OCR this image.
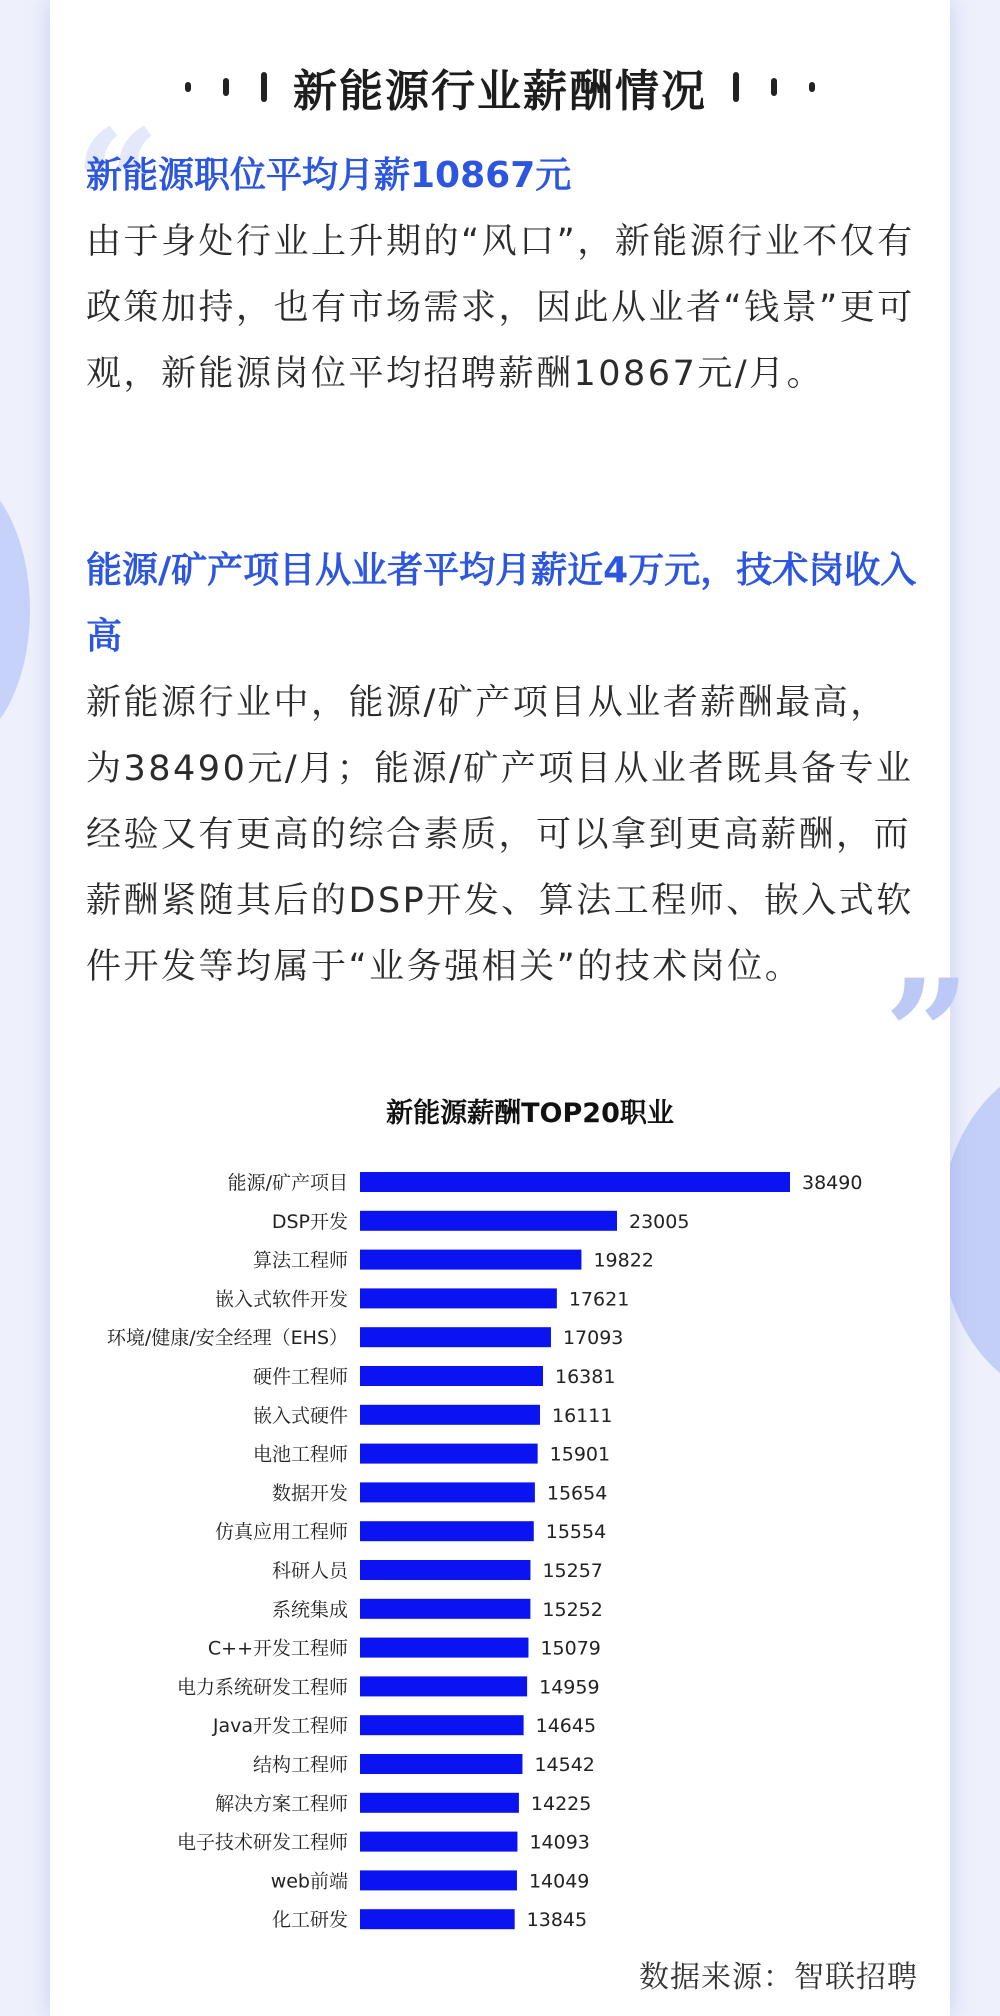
新能源行业薪酬情况
“
”
新能源职位平均月薪10867元

由于身处行业上升期的“风口”，新能源行业不仅有政策加持，也有市场需求，因此从业者“钱景”更可观，新能源岗位平均招聘薪酬10867元/月。

能源/矿产项目从业者平均月薪近4万元，技术岗收入高

新能源行业中，能源/矿产项目从业者薪酬最高，为38490元/月；能源/矿产项目从业者既具备专业经验又有更高的综合素质，可以拿到更高薪酬，而薪酬紧随其后的DSP开发、算法工程师、嵌入式软件开发等均属于“业务强相关”的技术岗位。

新能源薪酬TOP20职业
能源/矿产项目	38490
DSP开发	23005
算法工程师	19822
嵌入式软件开发	17621
环境/健康/安全经理（EHS）	17093
硬件工程师	16381
嵌入式硬件	16111
电池工程师	15901
数据开发	15654
仿真应用工程师	15554
科研人员	15257
系统集成	15252
C++开发工程师	15079
电力系统研发工程师	14959
Java开发工程师	14645
结构工程师	14542
解决方案工程师	14225
电子技术研发工程师	14093
web前端	14049
化工研发	13845
数据来源：智联招聘
